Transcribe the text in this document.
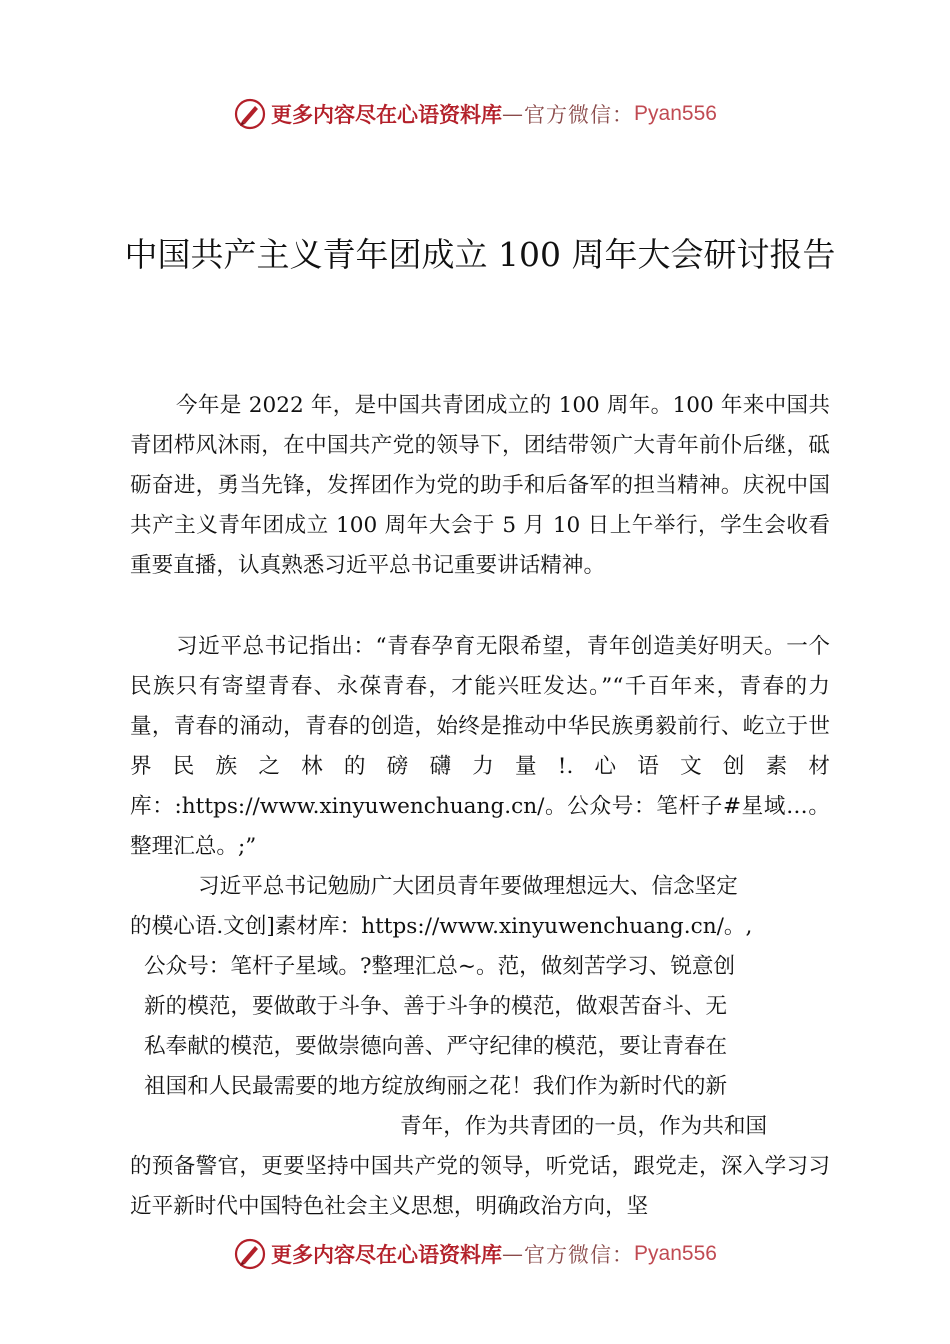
更多内容尽在心语资料库 — 官方微信： Pyan556
中国共产主义青年团成立 100 周年大会研讨报告
今年是 2022 年，是中国共青团成立的 100 周年。100 年来中国共青团栉风沐雨，在中国共产党的领导下，团结带领广大青年前仆后继，砥砺奋进，勇当先锋，发挥团作为党的助手和后备军的担当精神。庆祝中国共产主义青年团成立 100 周年大会于 5 月 10 日上午举行，学生会收看重要直播，认真熟悉习近平总书记重要讲话精神。
习近平总书记指出：“青春孕育无限希望，青年创造美好明天。一个民族只有寄望青春、永葆青春，才能兴旺发达。”“千百年来，青春的力量，青春的涌动，青春的创造，始终是推动中华民族勇毅前行、屹立于世界民族之林的磅礴力量!.心语文创素材库：:https://www.xinyuwenchuang.cn/。公众号：笔杆子#星域…。整理汇总。;”
习近平总书记勉励广大团员青年要做理想远大、信念坚定
的模心语.文创]素材库：https://www.xinyuwenchuang.cn/。,
公众号：笔杆子星域。?整理汇总~。范，做刻苦学习、锐意创
新的模范，要做敢于斗争、善于斗争的模范，做艰苦奋斗、无
私奉献的模范，要做崇德向善、严守纪律的模范，要让青春在
祖国和人民最需要的地方绽放绚丽之花！我们作为新时代的新
青年，作为共青团的一员，作为共和国
的预备警官，更要坚持中国共产党的领导，听党话，跟党走，深入学习习近平新时代中国特色社会主义思想，明确政治方向，坚
更多内容尽在心语资料库 — 官方微信： Pyan556
